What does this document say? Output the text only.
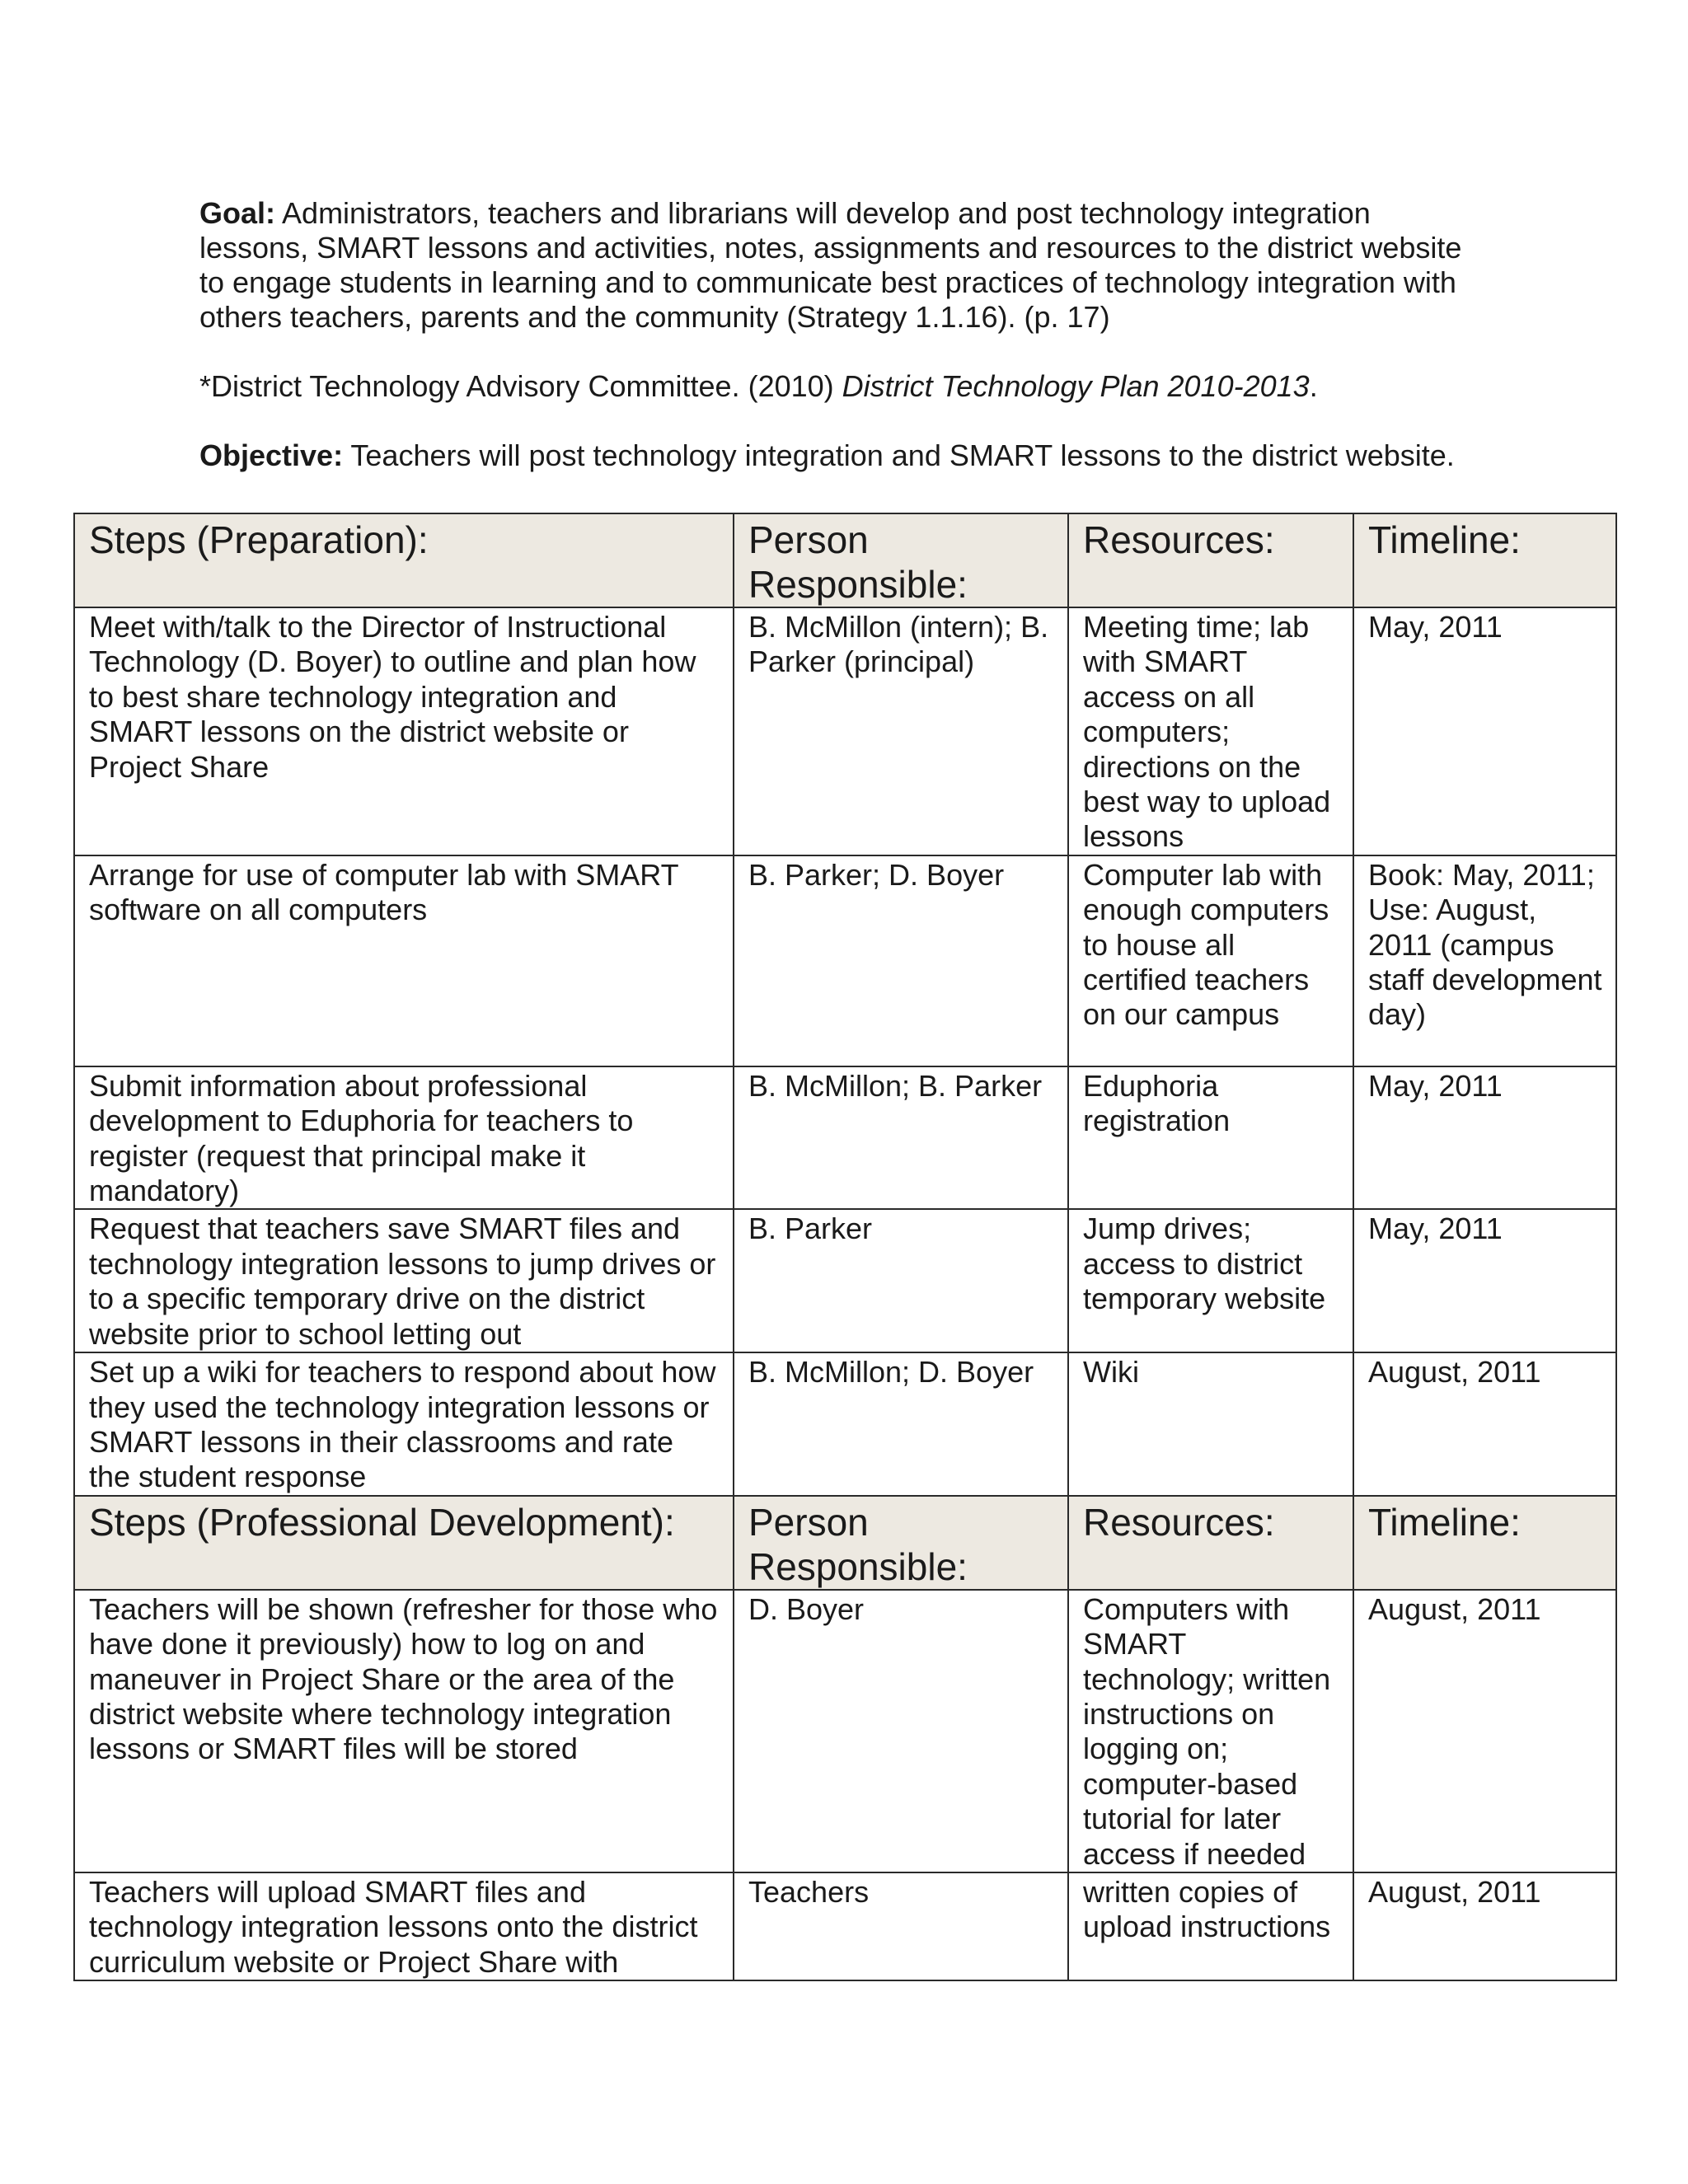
Goal: Administrators, teachers and librarians will develop and post technology integration lessons, SMART lessons and activities, notes, assignments and resources to the district website to engage students in learning and to communicate best practices of technology integration with others teachers, parents and the community (Strategy 1.1.16). (p. 17)

*District Technology Advisory Committee. (2010) District Technology Plan 2010-2013.

Objective: Teachers will post technology integration and SMART lessons to the district website.

Steps (Preparation):	Person Responsible:	Resources:	Timeline:
Meet with/talk to the Director of Instructional Technology (D. Boyer) to outline and plan how to best share technology integration and SMART lessons on the district website or Project Share	B. McMillon (intern); B. Parker (principal)	Meeting time; lab with SMART access on all computers; directions on the best way to upload lessons	May, 2011
Arrange for use of computer lab with SMART software on all computers	B. Parker; D. Boyer	Computer lab with enough computers to house all certified teachers on our campus	Book: May, 2011; Use: August, 2011 (campus staff development day)
Submit information about professional development to Eduphoria for teachers to register (request that principal make it mandatory)	B. McMillon; B. Parker	Eduphoria registration	May, 2011
Request that teachers save SMART files and technology integration lessons to jump drives or to a specific temporary drive on the district website prior to school letting out	B. Parker	Jump drives; access to district temporary website	May, 2011
Set up a wiki for teachers to respond about how they used the technology integration lessons or SMART lessons in their classrooms and rate the student response	B. McMillon; D. Boyer	Wiki	August, 2011
Steps (Professional Development):	Person Responsible:	Resources:	Timeline:
Teachers will be shown (refresher for those who have done it previously) how to log on and maneuver in Project Share or the area of the district website where technology integration lessons or SMART files will be stored	D. Boyer	Computers with SMART technology; written instructions on logging on; computer-based tutorial for later access if needed	August, 2011
Teachers will upload SMART files and technology integration lessons onto the district curriculum website or Project Share with	Teachers	written copies of upload instructions	August, 2011
